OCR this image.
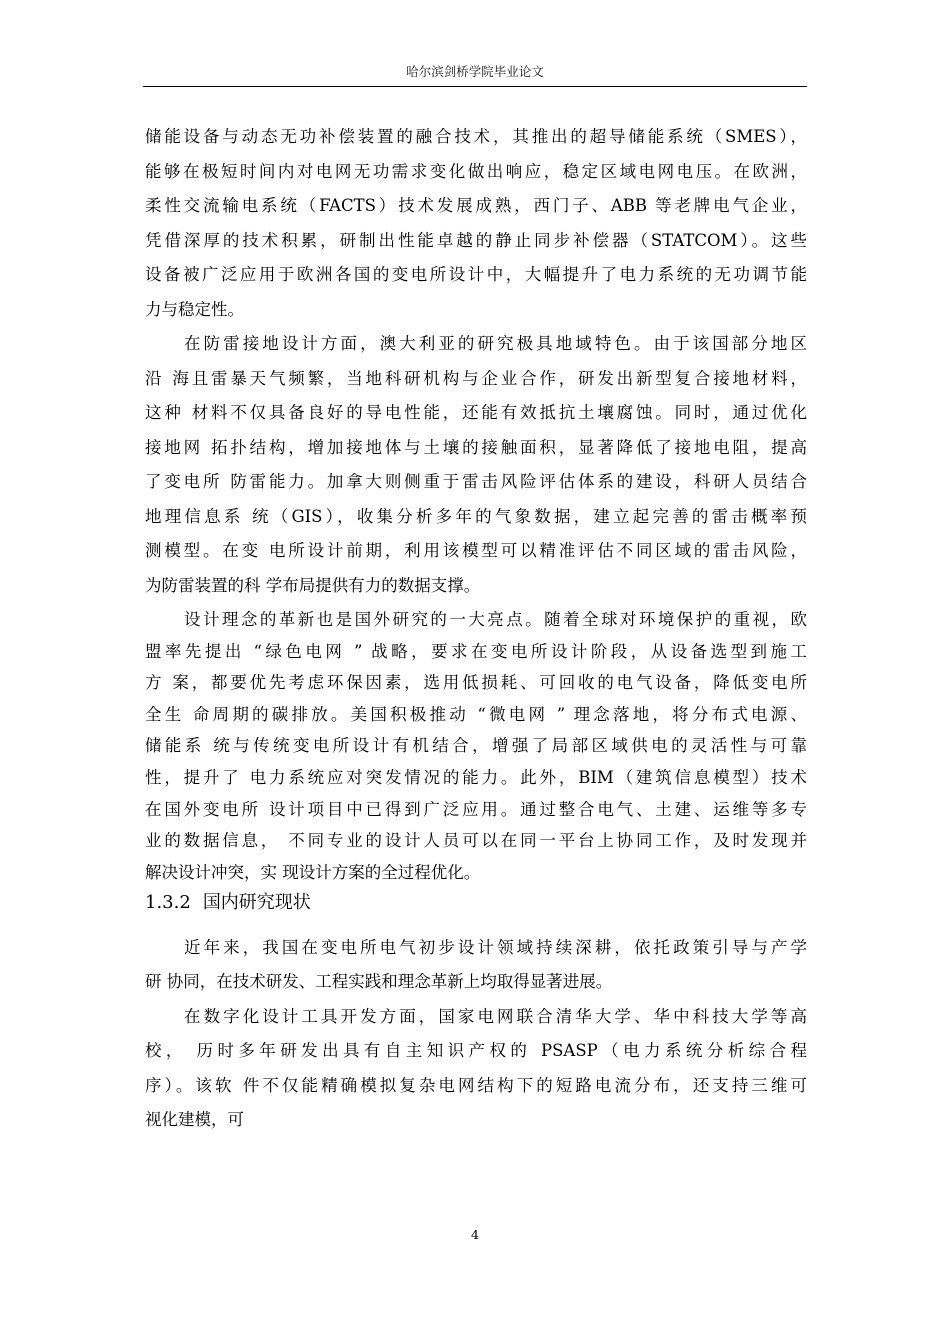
哈尔滨剑桥学院毕业论文
储能设备与动态无功补偿装置的融合技术，其推出的超导储能系统（SMES），
能够在极短时间内对电网无功需求变化做出响应，稳定区域电网电压。在欧洲，
柔性交流输电系统（FACTS）技术发展成熟，西门子、ABB 等老牌电气企业，
凭借深厚的技术积累，研制出性能卓越的静止同步补偿器（STATCOM）。这些
设备被广泛应用于欧洲各国的变电所设计中，大幅提升了电力系统的无功调节能
力与稳定性。
在防雷接地设计方面，澳大利亚的研究极具地域特色。由于该国部分地区
沿 海且雷暴天气频繁，当地科研机构与企业合作，研发出新型复合接地材料，
这种 材料不仅具备良好的导电性能，还能有效抵抗土壤腐蚀。同时，通过优化
接地网 拓扑结构，增加接地体与土壤的接触面积，显著降低了接地电阻，提高
了变电所 防雷能力。加拿大则侧重于雷击风险评估体系的建设，科研人员结合
地理信息系 统（GIS），收集分析多年的气象数据，建立起完善的雷击概率预
测模型。在变 电所设计前期，利用该模型可以精准评估不同区域的雷击风险，
为防雷装置的科 学布局提供有力的数据支撑。
设计理念的革新也是国外研究的一大亮点。随着全球对环境保护的重视，欧
盟率先提出 “绿色电网 ” 战略，要求在变电所设计阶段，从设备选型到施工
方 案，都要优先考虑环保因素，选用低损耗、可回收的电气设备，降低变电所
全生 命周期的碳排放。美国积极推动 “微电网 ” 理念落地，将分布式电源、
储能系 统与传统变电所设计有机结合，增强了局部区域供电的灵活性与可靠
性，提升了 电力系统应对突发情况的能力。此外，BIM（建筑信息模型）技术
在国外变电所 设计项目中已得到广泛应用。通过整合电气、土建、运维等多专
业的数据信息， 不同专业的设计人员可以在同一平台上协同工作，及时发现并
解决设计冲突，实 现设计方案的全过程优化。
1.3.2 国内研究现状
近年来，我国在变电所电气初步设计领域持续深耕，依托政策引导与产学
研 协同，在技术研发、工程实践和理念革新上均取得显著进展。
在数字化设计工具开发方面，国家电网联合清华大学、华中科技大学等高
校， 历时多年研发出具有自主知识产权的 PSASP（电力系统分析综合程
序）。该软 件不仅能精确模拟复杂电网结构下的短路电流分布，还支持三维可
视化建模，可
4
